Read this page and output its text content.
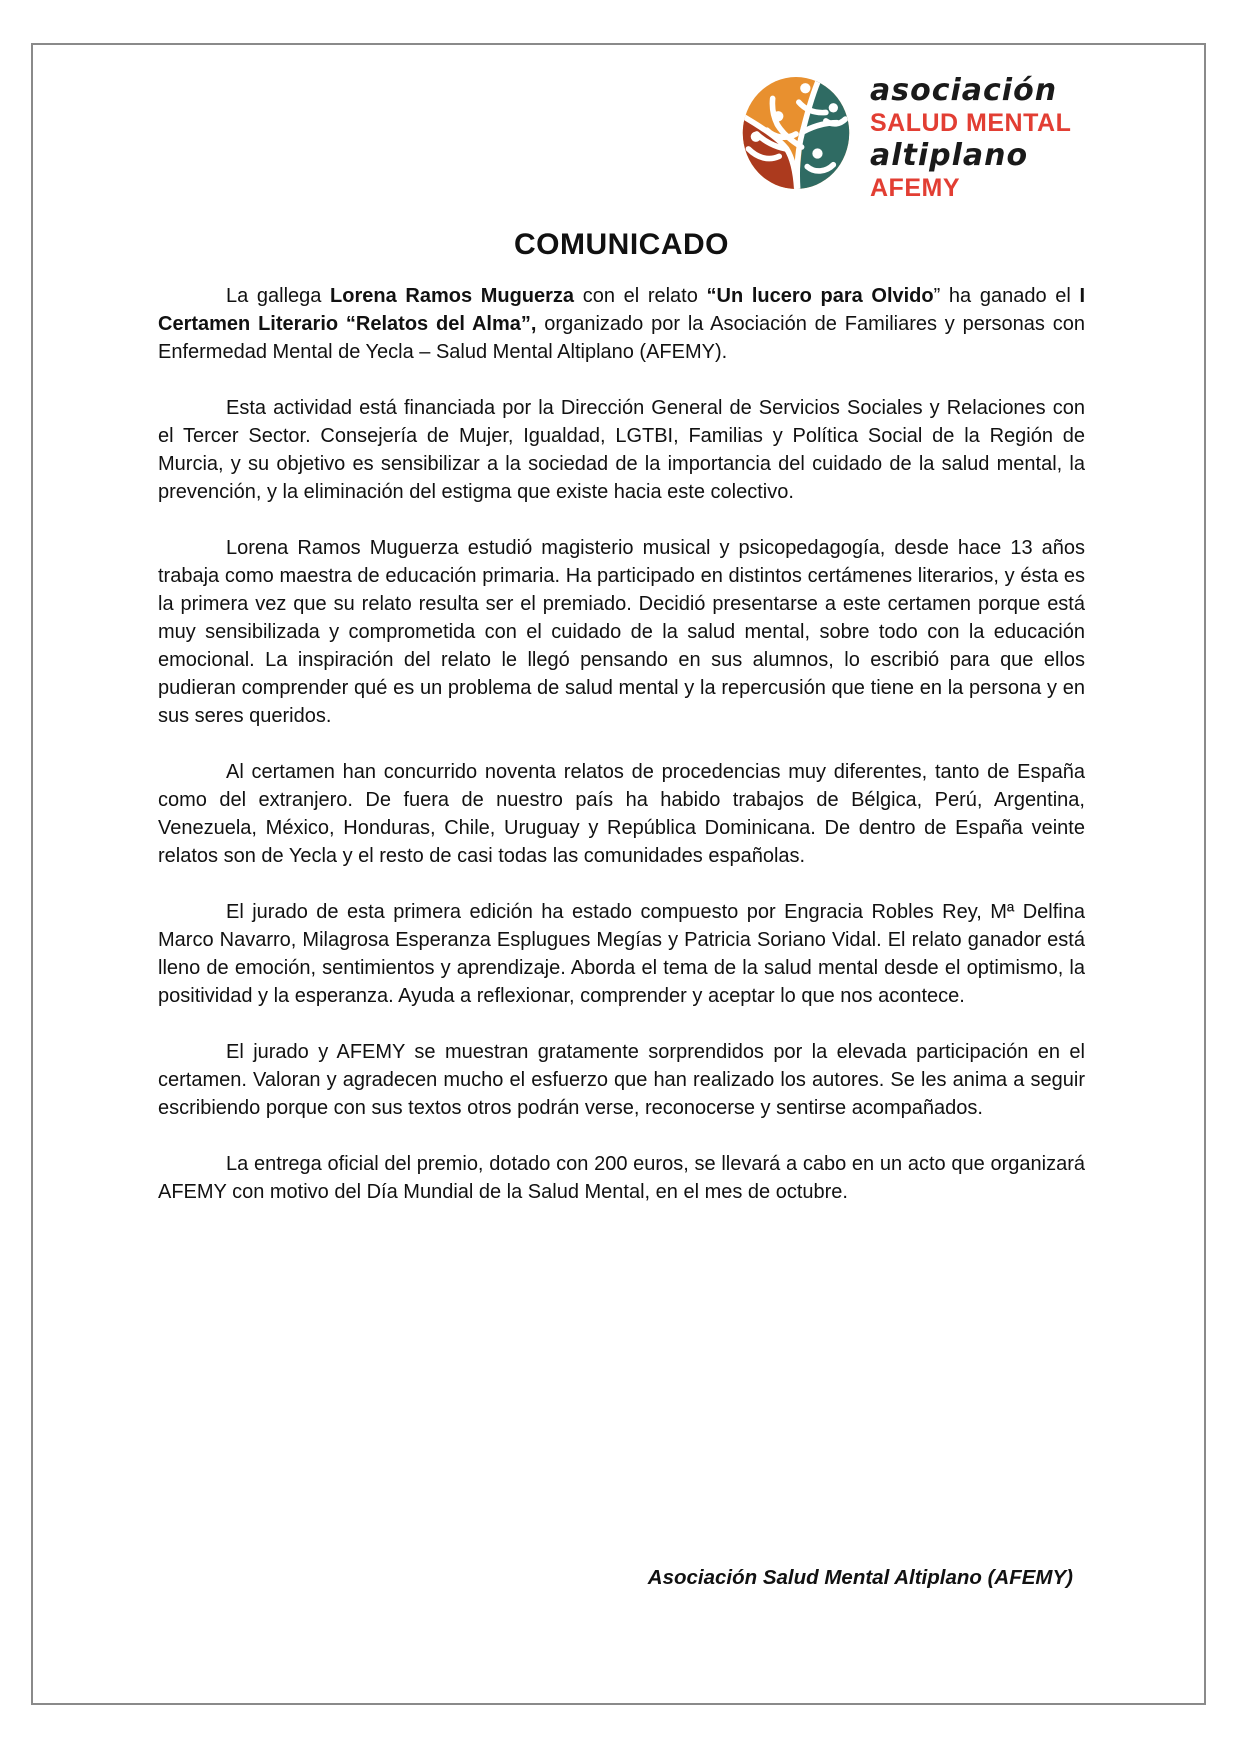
asociación
SALUD MENTAL
altiplano
AFEMY
COMUNICADO

La gallega Lorena Ramos Muguerza con el relato “Un lucero para Olvido” ha ganado el I Certamen Literario “Relatos del Alma”, organizado por la Asociación de Familiares y personas con Enfermedad Mental de Yecla – Salud Mental Altiplano (AFEMY).

Esta actividad está financiada por la Dirección General de Servicios Sociales y Relaciones con el Tercer Sector. Consejería de Mujer, Igualdad, LGTBI, Familias y Política Social de la Región de Murcia, y su objetivo es sensibilizar a la sociedad de la importancia del cuidado de la salud mental, la prevención, y la eliminación del estigma que existe hacia este colectivo.

Lorena Ramos Muguerza estudió magisterio musical y psicopedagogía, desde hace 13 años trabaja como maestra de educación primaria. Ha participado en distintos certámenes literarios, y ésta es la primera vez que su relato resulta ser el premiado. Decidió presentarse a este certamen porque está muy sensibilizada y comprometida con el cuidado de la salud mental, sobre todo con la educación emocional. La inspiración del relato le llegó pensando en sus alumnos, lo escribió para que ellos pudieran comprender qué es un problema de salud mental y la repercusión que tiene en la persona y en sus seres queridos.

Al certamen han concurrido noventa relatos de procedencias muy diferentes, tanto de España como del extranjero. De fuera de nuestro país ha habido trabajos de Bélgica, Perú, Argentina, Venezuela, México, Honduras, Chile, Uruguay y República Dominicana. De dentro de España veinte relatos son de Yecla y el resto de casi todas las comunidades españolas.

El jurado de esta primera edición ha estado compuesto por Engracia Robles Rey, Mª Delfina Marco Navarro, Milagrosa Esperanza Esplugues Megías y Patricia Soriano Vidal. El relato ganador está lleno de emoción, sentimientos y aprendizaje. Aborda el tema de la salud mental desde el optimismo, la positividad y la esperanza. Ayuda a reflexionar, comprender y aceptar lo que nos acontece.

El jurado y AFEMY se muestran gratamente sorprendidos por la elevada participación en el certamen. Valoran y agradecen mucho el esfuerzo que han realizado los autores. Se les anima a seguir escribiendo porque con sus textos otros podrán verse, reconocerse y sentirse acompañados.

La entrega oficial del premio, dotado con 200 euros, se llevará a cabo en un acto que organizará AFEMY con motivo del Día Mundial de la Salud Mental, en el mes de octubre.

Asociación Salud Mental Altiplano (AFEMY)
